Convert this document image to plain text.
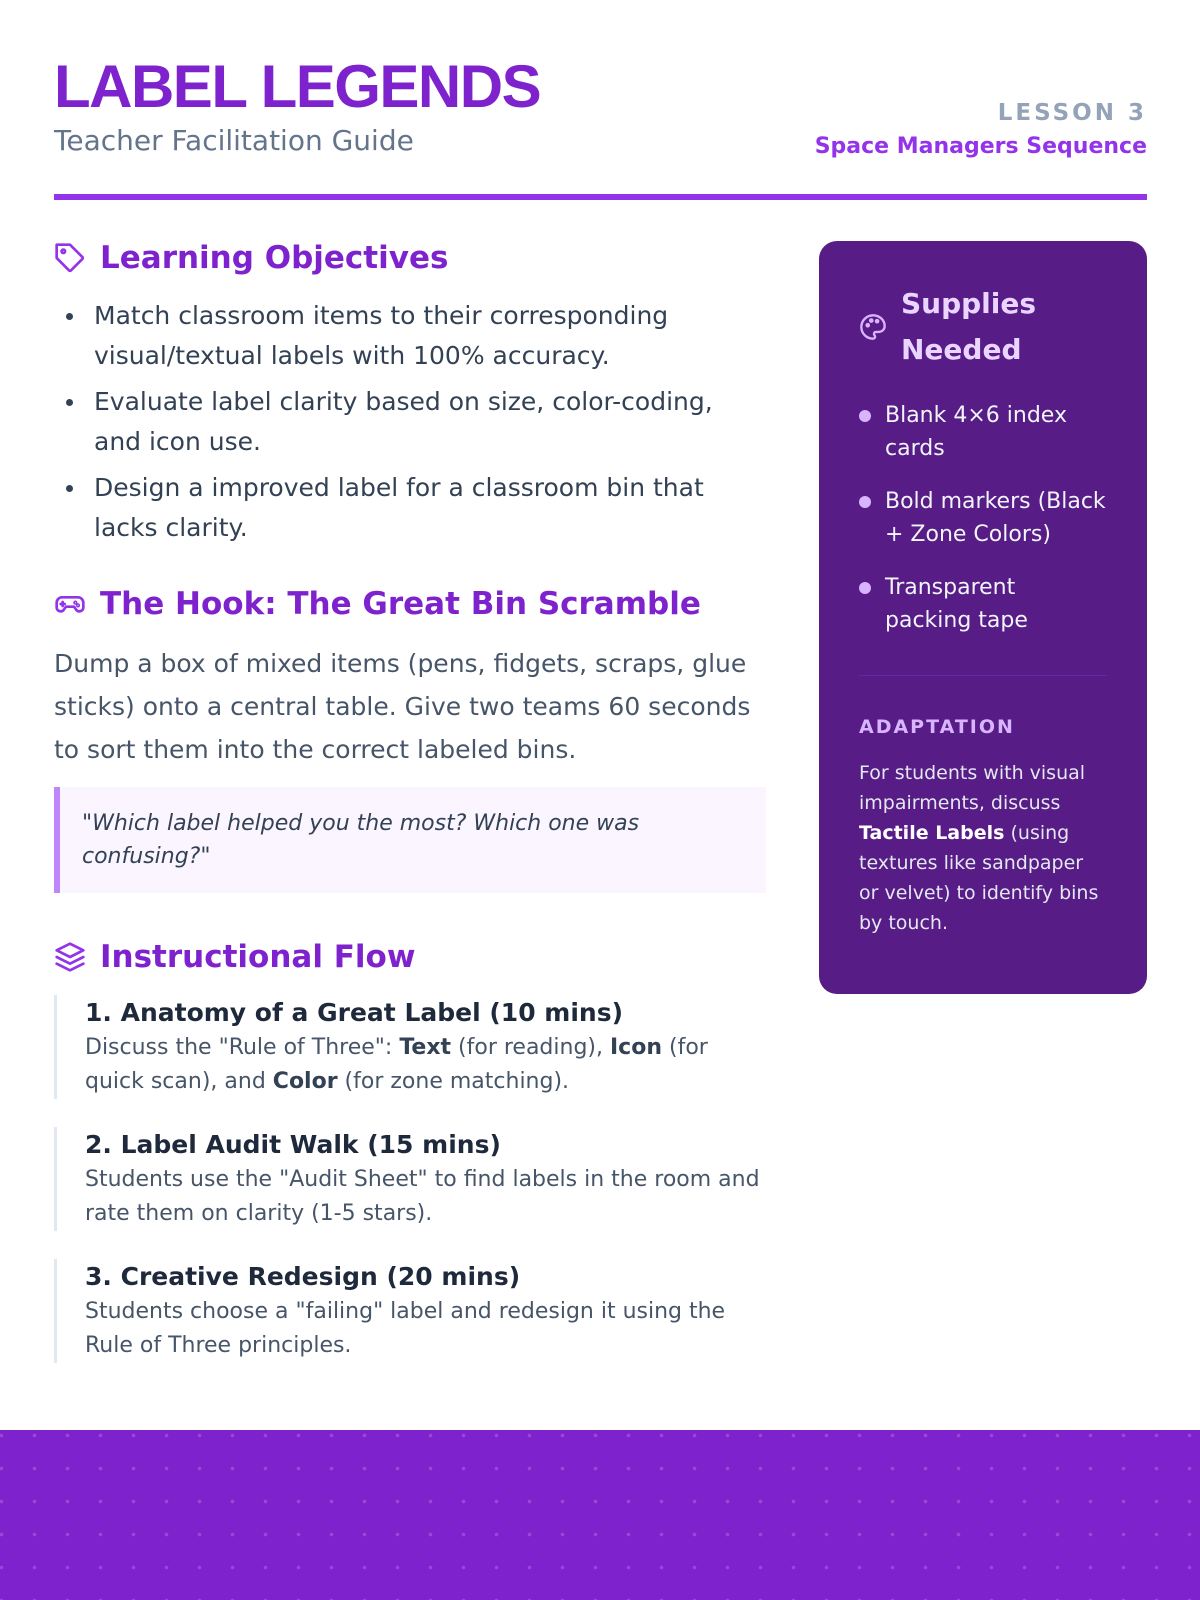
LABEL LEGENDS
Teacher Facilitation Guide
LESSON 3
Space Managers Sequence
Learning Objectives
Match classroom items to their corresponding visual/textual labels with 100% accuracy.
Evaluate label clarity based on size, color-coding, and icon use.
Design a improved label for a classroom bin that lacks clarity.
The Hook: The Great Bin Scramble

Dump a box of mixed items (pens, fidgets, scraps, glue sticks) onto a central table. Give two teams 60 seconds to sort them into the correct labeled bins.

"Which label helped you the most? Which one was confusing?"
Instructional Flow
1. Anatomy of a Great Label (10 mins)
Discuss the "Rule of Three": Text (for reading), Icon (for quick scan), and Color (for zone matching).
2. Label Audit Walk (15 mins)
Students use the "Audit Sheet" to find labels in the room and rate them on clarity (1-5 stars).
3. Creative Redesign (20 mins)
Students choose a "failing" label and redesign it using the Rule of Three principles.
Supplies Needed
Blank 4×6 index cards
Bold markers (Black + Zone Colors)
Transparent packing tape
ADAPTATION

For students with visual impairments, discuss Tactile Labels (using textures like sandpaper or velvet) to identify bins by touch.
